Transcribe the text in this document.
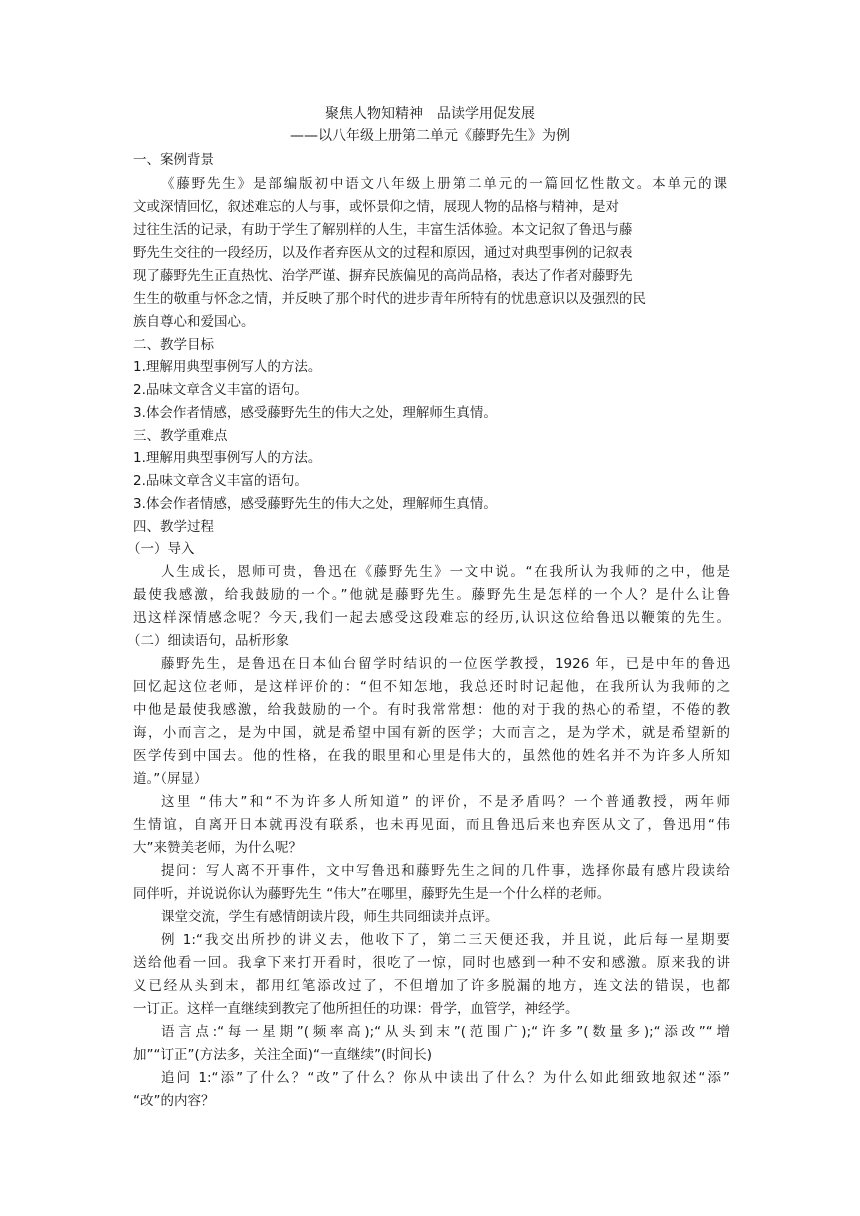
聚焦人物知精神　品读学用促发展
——以八年级上册第二单元《藤野先生》为例
一、案例背景
《藤野先生》是部编版初中语文八年级上册第二单元的一篇回忆性散文。本单元的课
文或深情回忆，叙述难忘的人与事，或怀景仰之情，展现人物的品格与精神，是对
过往生活的记录，有助于学生了解别样的人生，丰富生活体验。本文记叙了鲁迅与藤
野先生交往的一段经历，以及作者弃医从文的过程和原因，通过对典型事例的记叙表
现了藤野先生正直热忱、治学严谨、摒弃民族偏见的高尚品格，表达了作者对藤野先
生生的敬重与怀念之情，并反映了那个时代的进步青年所特有的忧患意识以及强烈的民
族自尊心和爱国心。
二、教学目标
1.理解用典型事例写人的方法。
2.品味文章含义丰富的语句。
3.体会作者情感，感受藤野先生的伟大之处，理解师生真情。
三、教学重难点
1.理解用典型事例写人的方法。
2.品味文章含义丰富的语句。
3.体会作者情感，感受藤野先生的伟大之处，理解师生真情。
四、教学过程
（一）导入
人生成长，恩师可贵，鲁迅在《藤野先生》一文中说。“在我所认为我师的之中，他是
最使我感激，给我鼓励的一个。”他就是藤野先生。藤野先生是怎样的一个人？是什么让鲁
迅这样深情感念呢？今天,我们一起去感受这段难忘的经历,认识这位给鲁迅以鞭策的先生。
（二）细读语句，品析形象
藤野先生，是鲁迅在日本仙台留学时结识的一位医学教授，1926 年，已是中年的鲁迅
回忆起这位老师，是这样评价的：“但不知怎地，我总还时时记起他，在我所认为我师的之
中他是最使我感激，给我鼓励的一个。有时我常常想：他的对于我的热心的希望，不倦的教
诲，小而言之，是为中国，就是希望中国有新的医学；大而言之，是为学术，就是希望新的
医学传到中国去。他的性格，在我的眼里和心里是伟大的，虽然他的姓名并不为许多人所知
道。”（屏显）
这里 “伟大”和“不为许多人所知道” 的评价，不是矛盾吗？一个普通教授，两年师
生情谊，自离开日本就再没有联系，也未再见面，而且鲁迅后来也弃医从文了，鲁迅用“伟
大”来赞美老师，为什么呢？
提问：写人离不开事件，文中写鲁迅和藤野先生之间的几件事，选择你最有感片段读给
同伴听，并说说你认为藤野先生 “伟大”在哪里，藤野先生是一个什么样的老师。
课堂交流，学生有感情朗读片段，师生共同细读并点评。
例 1:“我交出所抄的讲义去，他收下了，第二三天便还我，并且说，此后每一星期要
送给他看一回。我拿下来打开看时，很吃了一惊，同时也感到一种不安和感激。原来我的讲
义已经从头到末，都用红笔添改过了，不但增加了许多脱漏的地方，连文法的错误，也都
一订正。这样一直继续到教完了他所担任的功课：骨学，血管学，神经学。
语言点:“每一星期”(频率高);“从头到末”(范围广);“许多”(数量多);“添改”“增
加”“订正”(方法多，关注全面)“一直继续”(时间长)
追问 1:“添”了什么？“改”了什么？你从中读出了什么？为什么如此细致地叙述“添”
“改”的内容？
